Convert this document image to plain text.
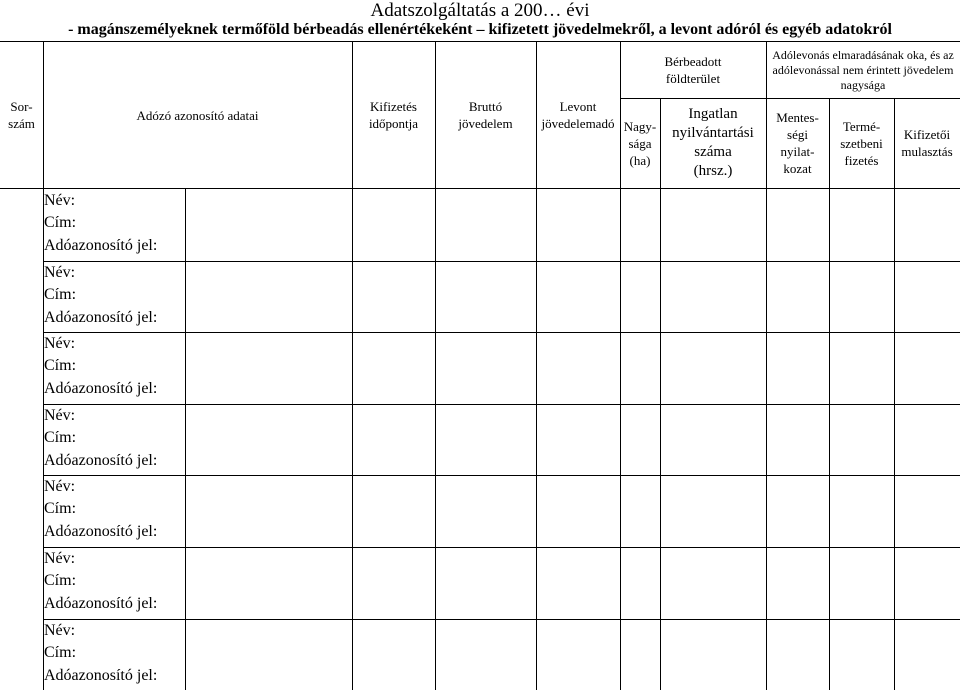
Adatszolgáltatás a 200… évi
- magánszemélyeknek termőföld bérbeadás ellenértékeként – kifizetett jövedelmekről, a levont adóról és egyéb adatokról
Sor-
szám
Adózó azonosító adatai
Kifizetés
időpontja
Bruttó
jövedelem
Levont
jövedelemadó
Bérbeadott
földterület
Nagy-
sága
(ha)
Ingatlan
nyilvántartási
száma
(hrsz.)
Adólevonás elmaradásának oka, és az
adólevonással nem érintett jövedelem
nagysága
Mentes-
ségi
nyilat-
kozat
Termé-
szetbeni
fizetés
Kifizetői
mulasztás
Név:
Cím:
Adóazonosító jel:
Név:
Cím:
Adóazonosító jel:
Név:
Cím:
Adóazonosító jel:
Név:
Cím:
Adóazonosító jel:
Név:
Cím:
Adóazonosító jel:
Név:
Cím:
Adóazonosító jel:
Név:
Cím:
Adóazonosító jel:
